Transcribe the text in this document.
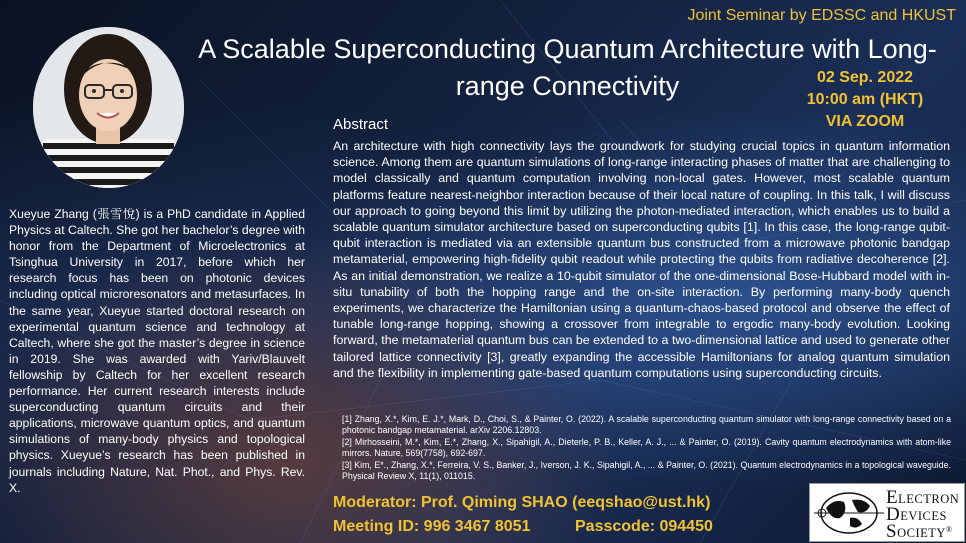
Joint Seminar by EDSSC and HKUST
A Scalable Superconducting Quantum Architecture with Long-range Connectivity	02 Sep. 2022
10:00 am (HKT)
VIA ZOOM
Abstract
An architecture with high connectivity lays the groundwork for studying crucial topics in quantum information science. Among them are quantum simulations of long-range interacting phases of matter that are challenging to model classically and quantum computation involving non-local gates. However, most scalable quantum platforms feature nearest-neighbor interaction because of their local nature of coupling. In this talk, I will discuss our approach to going beyond this limit by utilizing the photon-mediated interaction, which enables us to build a scalable quantum simulator architecture based on superconducting qubits [1]. In this case, the long-range qubit-qubit interaction is mediated via an extensible quantum bus constructed from a microwave photonic bandgap metamaterial, empowering high-fidelity qubit readout while protecting the qubits from radiative decoherence [2]. As an initial demonstration, we realize a 10-qubit simulator of the one-dimensional Bose-Hubbard model with in-situ tunability of both the hopping range and the on-site interaction. By performing many-body quench experiments, we characterize the Hamiltonian using a quantum-chaos-based protocol and observe the effect of tunable long-range hopping, showing a crossover from integrable to ergodic many-body evolution. Looking forward, the metamaterial quantum bus can be extended to a two-dimensional lattice and used to generate other tailored lattice connectivity [3], greatly expanding the accessible Hamiltonians for analog quantum simulation and the flexibility in implementing gate-based quantum computations using superconducting circuits.
Xueyue Zhang (張雪悅) is a PhD candidate in Applied Physics at Caltech. She got her bachelor’s degree with honor from the Department of Microelectronics at Tsinghua University in 2017, before which her research focus has been on photonic devices including optical microresonators and metasurfaces. In the same year, Xueyue started doctoral research on experimental quantum science and technology at Caltech, where she got the master’s degree in science in 2019. She was awarded with Yariv/Blauvelt fellowship by Caltech for her excellent research performance. Her current research interests include superconducting quantum circuits and their applications, microwave quantum optics, and quantum simulations of many-body physics and topological physics. Xueyue’s research has been published in journals including Nature, Nat. Phot., and Phys. Rev. X.

[1] Zhang, X.*, Kim, E. J.*, Mark, D., Choi, S., & Painter, O. (2022). A scalable superconducting quantum simulator with long-range connectivity based on a photonic bandgap metamaterial. arXiv 2206.12803.

[2] Mirhosseini, M.*, Kim, E.*, Zhang, X., Sipahigil, A., Dieterle, P. B., Keller, A. J., ... & Painter, O. (2019). Cavity quantum electrodynamics with atom-like mirrors. Nature, 569(7758), 692-697.

[3] Kim, E*., Zhang, X.*, Ferreira, V. S., Banker, J., Iverson, J. K., Sipahigil, A., ... & Painter, O. (2021). Quantum electrodynamics in a topological waveguide. Physical Review X, 11(1), 011015.

Moderator: Prof. Qiming SHAO (eeqshao@ust.hk)
Meeting ID: 996 3467 8051	Passcode: 094450
ELECTRON
DEVICES
SOCIETY®
